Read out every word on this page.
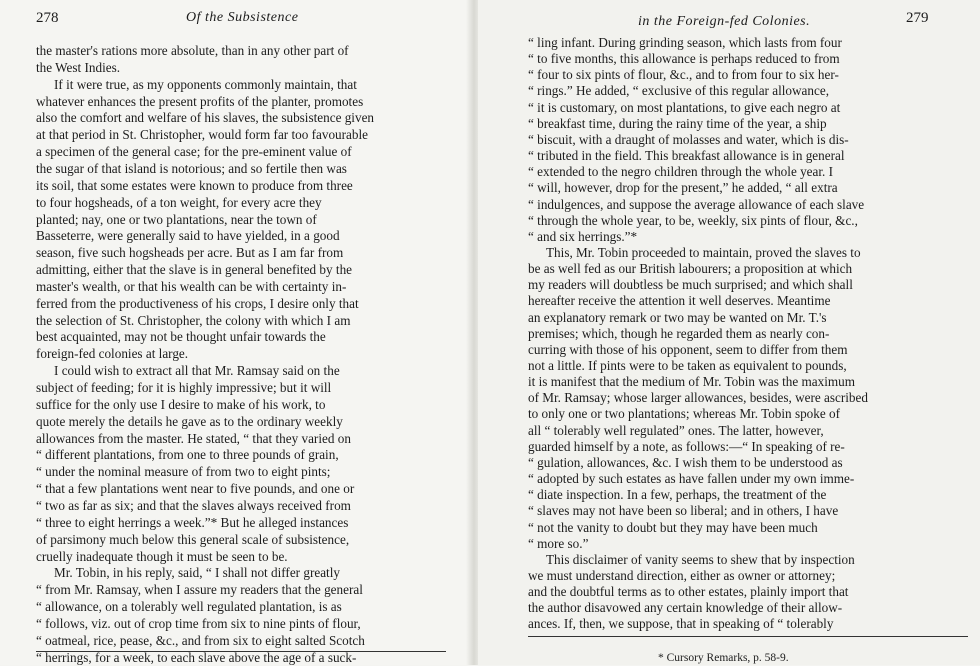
278	Of the Subsistence
the master's rations more absolute, than in any other part of
the West Indies.
If it were true, as my opponents commonly maintain, that
whatever enhances the present profits of the planter, promotes
also the comfort and welfare of his slaves, the subsistence given
at that period in St. Christopher, would form far too favourable
a specimen of the general case; for the pre-eminent value of
the sugar of that island is notorious; and so fertile then was
its soil, that some estates were known to produce from three
to four hogsheads, of a ton weight, for every acre they
planted; nay, one or two plantations, near the town of
Basseterre, were generally said to have yielded, in a good
season, five such hogsheads per acre. But as I am far from
admitting, either that the slave is in general benefited by the
master's wealth, or that his wealth can be with certainty in-
ferred from the productiveness of his crops, I desire only that
the selection of St. Christopher, the colony with which I am
best acquainted, may not be thought unfair towards the
foreign-fed colonies at large.
I could wish to extract all that Mr. Ramsay said on the
subject of feeding; for it is highly impressive; but it will
suffice for the only use I desire to make of his work, to
quote merely the details he gave as to the ordinary weekly
allowances from the master. He stated, “ that they varied on
“ different plantations, from one to three pounds of grain,
“ under the nominal measure of from two to eight pints;
“ that a few plantations went near to five pounds, and one or
“ two as far as six; and that the slaves always received from
“ three to eight herrings a week.”* But he alleged instances
of parsimony much below this general scale of subsistence,
cruelly inadequate though it must be seen to be.
Mr. Tobin, in his reply, said, “ I shall not differ greatly
“ from Mr. Ramsay, when I assure my readers that the general
“ allowance, on a tolerably well regulated plantation, is as
“ follows, viz. out of crop time from six to nine pints of flour,
“ oatmeal, rice, pease, &c., and from six to eight salted Scotch
“ herrings, for a week, to each slave above the age of a suck-
in the Foreign-fed Colonies.	279
“ ling infant. During grinding season, which lasts from four
“ to five months, this allowance is perhaps reduced to from
“ four to six pints of flour, &c., and to from four to six her-
“ rings.” He added, “ exclusive of this regular allowance,
“ it is customary, on most plantations, to give each negro at
“ breakfast time, during the rainy time of the year, a ship
“ biscuit, with a draught of molasses and water, which is dis-
“ tributed in the field. This breakfast allowance is in general
“ extended to the negro children through the whole year. I
“ will, however, drop for the present,” he added, “ all extra
“ indulgences, and suppose the average allowance of each slave
“ through the whole year, to be, weekly, six pints of flour, &c.,
“ and six herrings.”*
This, Mr. Tobin proceeded to maintain, proved the slaves to
be as well fed as our British labourers; a proposition at which
my readers will doubtless be much surprised; and which shall
hereafter receive the attention it well deserves. Meantime
an explanatory remark or two may be wanted on Mr. T.'s
premises; which, though he regarded them as nearly con-
curring with those of his opponent, seem to differ from them
not a little. If pints were to be taken as equivalent to pounds,
it is manifest that the medium of Mr. Tobin was the maximum
of Mr. Ramsay; whose larger allowances, besides, were ascribed
to only one or two plantations; whereas Mr. Tobin spoke of
all “ tolerably well regulated” ones. The latter, however,
guarded himself by a note, as follows:—“ In speaking of re-
“ gulation, allowances, &c. I wish them to be understood as
“ adopted by such estates as have fallen under my own imme-
“ diate inspection. In a few, perhaps, the treatment of the
“ slaves may not have been so liberal; and in others, I have
“ not the vanity to doubt but they may have been much
“ more so.”
This disclaimer of vanity seems to shew that by inspection
we must understand direction, either as owner or attorney;
and the doubtful terms as to other estates, plainly import that
the author disavowed any certain knowledge of their allow-
ances. If, then, we suppose, that in speaking of “ tolerably
* Cursory Remarks, p. 58-9.
